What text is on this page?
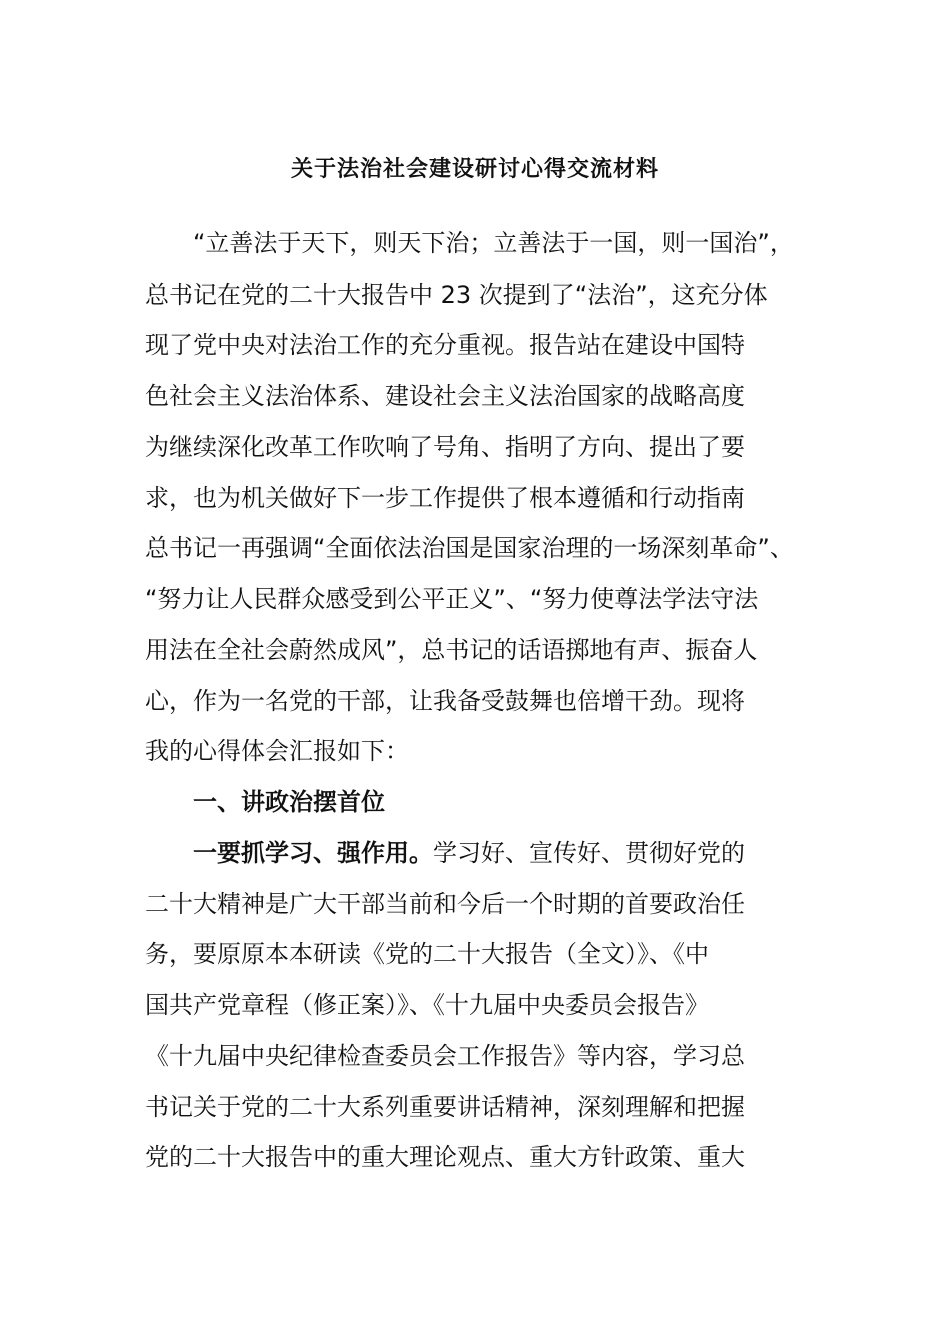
关于法治社会建设研讨心得交流材料
“立善法于天下，则天下治；立善法于一国，则一国治”，
总书记在党的二十大报告中 23 次提到了“法治”，这充分体
现了党中央对法治工作的充分重视。报告站在建设中国特
色社会主义法治体系、建设社会主义法治国家的战略高度
为继续深化改革工作吹响了号角、指明了方向、提出了要
求，也为机关做好下一步工作提供了根本遵循和行动指南
总书记一再强调“全面依法治国是国家治理的一场深刻革命”、
“努力让人民群众感受到公平正义”、“努力使尊法学法守法
用法在全社会蔚然成风”，总书记的话语掷地有声、振奋人
心，作为一名党的干部，让我备受鼓舞也倍增干劲。现将
我的心得体会汇报如下：
一、讲政治摆首位
一要抓学习、强作用。学习好、宣传好、贯彻好党的
二十大精神是广大干部当前和今后一个时期的首要政治任
务，要原原本本研读《党的二十大报告（全文）》、《中
国共产党章程（修正案）》、《十九届中央委员会报告》
《十九届中央纪律检查委员会工作报告》等内容，学习总
书记关于党的二十大系列重要讲话精神，深刻理解和把握
党的二十大报告中的重大理论观点、重大方针政策、重大
